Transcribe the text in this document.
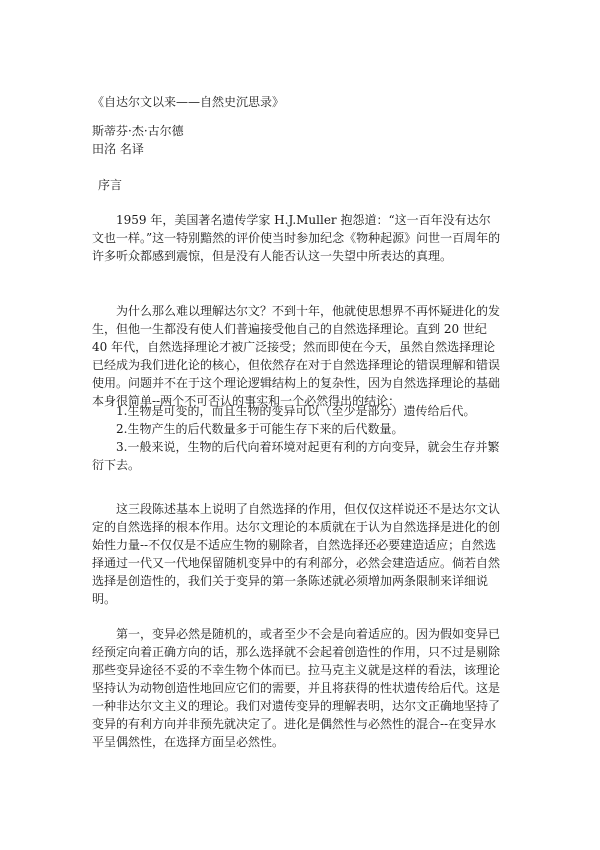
《自达尔文以来——自然史沉思录》
斯蒂芬·杰·古尔德
田洺 名译
序言

1959 年，美国著名遗传学家 H.J.Muller 抱怨道：“这一百年没有达尔文也一样。”这一特别黯然的评价使当时参加纪念《物种起源》问世一百周年的许多听众都感到震惊，但是没有人能否认这一失望中所表达的真理。

为什么那么难以理解达尔文？不到十年，他就使思想界不再怀疑进化的发生，但他一生都没有使人们普遍接受他自己的自然选择理论。直到 20 世纪 40 年代，自然选择理论才被广泛接受；然而即使在今天，虽然自然选择理论已经成为我们进化论的核心，但依然存在对于自然选择理论的错误理解和错误使用。问题并不在于这个理论逻辑结构上的复杂性，因为自然选择理论的基础本身很简单--两个不可否认的事实和一个必然得出的结论：

1.生物是可变的，而且生物的变异可以（至少是部分）遗传给后代。
2.生物产生的后代数量多于可能生存下来的后代数量。
3.一般来说，生物的后代向着环境对起更有利的方向变异，就会生存并繁衍下去。

这三段陈述基本上说明了自然选择的作用，但仅仅这样说还不是达尔文认定的自然选择的根本作用。达尔文理论的本质就在于认为自然选择是进化的创始性力量--不仅仅是不适应生物的剔除者，自然选择还必要建造适应；自然选择通过一代又一代地保留随机变异中的有利部分，必然会建造适应。倘若自然选择是创造性的，我们关于变异的第一条陈述就必须增加两条限制来详细说明。

第一，变异必然是随机的，或者至少不会是向着适应的。因为假如变异已经预定向着正确方向的话，那么选择就不会起着创造性的作用，只不过是剔除那些变异途径不妥的不幸生物个体而已。拉马克主义就是这样的看法，该理论坚持认为动物创造性地回应它们的需要，并且将获得的性状遗传给后代。这是一种非达尔文主义的理论。我们对遗传变异的理解表明，达尔文正确地坚持了变异的有利方向并非预先就决定了。进化是偶然性与必然性的混合--在变异水平呈偶然性，在选择方面呈必然性。
